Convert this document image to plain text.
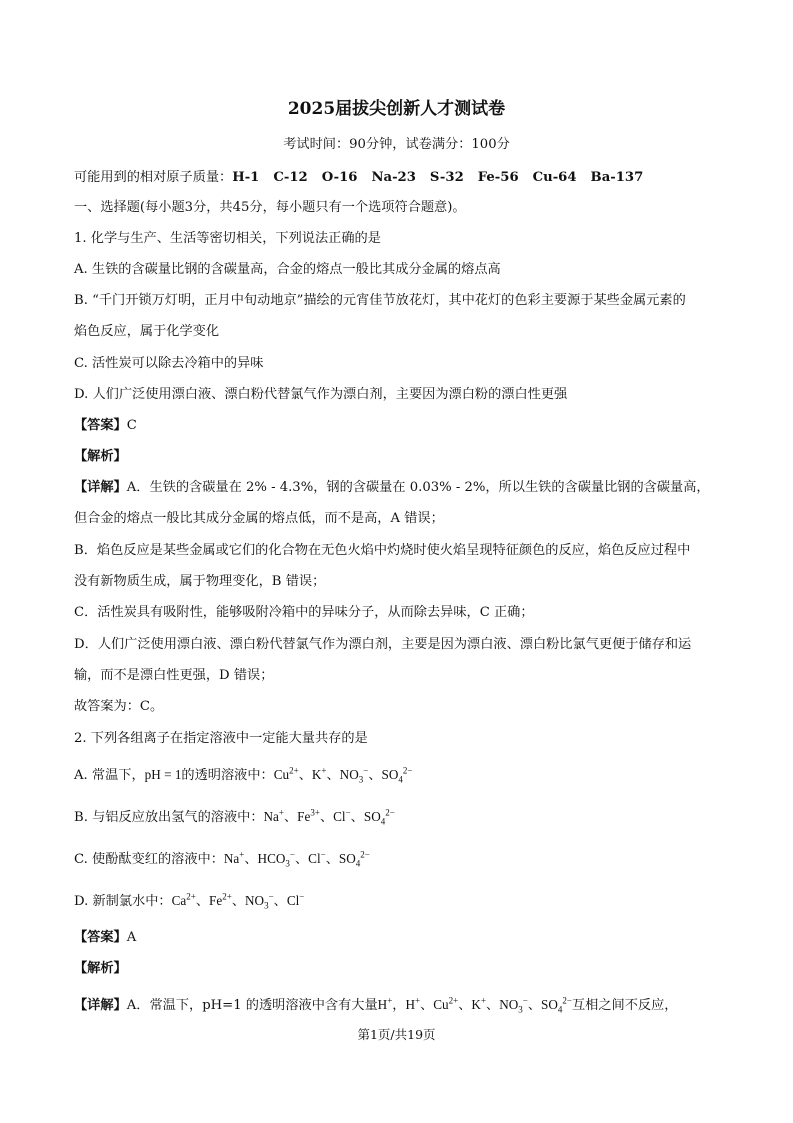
2025届拔尖创新人才测试卷
考试时间：90分钟，试卷满分：100分
可能用到的相对原子质量：H-1 C-12 O-16 Na-23 S-32 Fe-56 Cu-64 Ba-137
一、选择题(每小题3分，共45分，每小题只有一个选项符合题意)。
1. 化学与生产、生活等密切相关，下列说法正确的是
A. 生铁的含碳量比钢的含碳量高，合金的熔点一般比其成分金属的熔点高
B. “千门开锁万灯明，正月中旬动地京”描绘的元宵佳节放花灯，其中花灯的色彩主要源于某些金属元素的
焰色反应，属于化学变化
C. 活性炭可以除去冷箱中的异味
D. 人们广泛使用漂白液、漂白粉代替氯气作为漂白剂，主要因为漂白粉的漂白性更强
【答案】C
【解析】
【详解】A．生铁的含碳量在 2% - 4.3%，钢的含碳量在 0.03% - 2%，所以生铁的含碳量比钢的含碳量高，
但合金的熔点一般比其成分金属的熔点低，而不是高，A 错误；
B．焰色反应是某些金属或它们的化合物在无色火焰中灼烧时使火焰呈现特征颜色的反应，焰色反应过程中
没有新物质生成，属于物理变化，B 错误；
C．活性炭具有吸附性，能够吸附冷箱中的异味分子，从而除去异味，C 正确；
D．人们广泛使用漂白液、漂白粉代替氯气作为漂白剂，主要是因为漂白液、漂白粉比氯气更便于储存和运
输，而不是漂白性更强，D 错误；
故答案为：C。
2. 下列各组离子在指定溶液中一定能大量共存的是
A. 常温下，pH = 1的透明溶液中：$Cu^{2+}$、K+、$NO_3^-$、$SO_4^{2-}$
B. 与铝反应放出氢气的溶液中：Na+、$Fe^{3+}$、Cl−、$SO_4^{2-}$
C. 使酚酞变红的溶液中：Na+、$HCO_3^-$、Cl−、$SO_4^{2-}$
D. 新制氯水中：$Ca^{2+}$、$Fe^{2+}$、$NO_3^-$、Cl−
【答案】A
【解析】
【详解】A．常温下，pH=1 的透明溶液中含有大量H+，H+、$Cu^{2+}$、K+、$NO_3^-$、$SO_4^{2-}$互相之间不反应，
第1页/共19页
